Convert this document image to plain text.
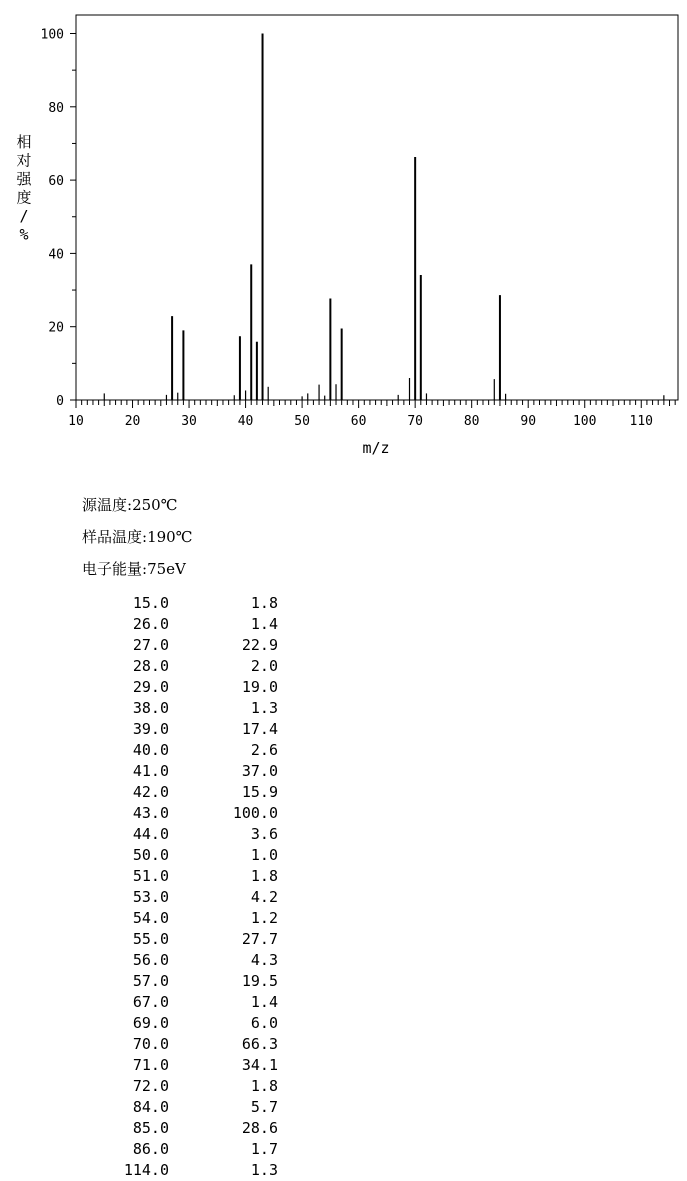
0
20
40
60
80
100
10	20	30	40	50	60	70	80	90	100	110
m/z
相
对
强
度
/
%
源温度:250℃
样品温度:190℃
电子能量:75eV
15.0	1.8
26.0	1.4
27.0	22.9
28.0	2.0
29.0	19.0
38.0	1.3
39.0	17.4
40.0	2.6
41.0	37.0
42.0	15.9
43.0	100.0
44.0	3.6
50.0	1.0
51.0	1.8
53.0	4.2
54.0	1.2
55.0	27.7
56.0	4.3
57.0	19.5
67.0	1.4
69.0	6.0
70.0	66.3
71.0	34.1
72.0	1.8
84.0	5.7
85.0	28.6
86.0	1.7
114.0	1.3
